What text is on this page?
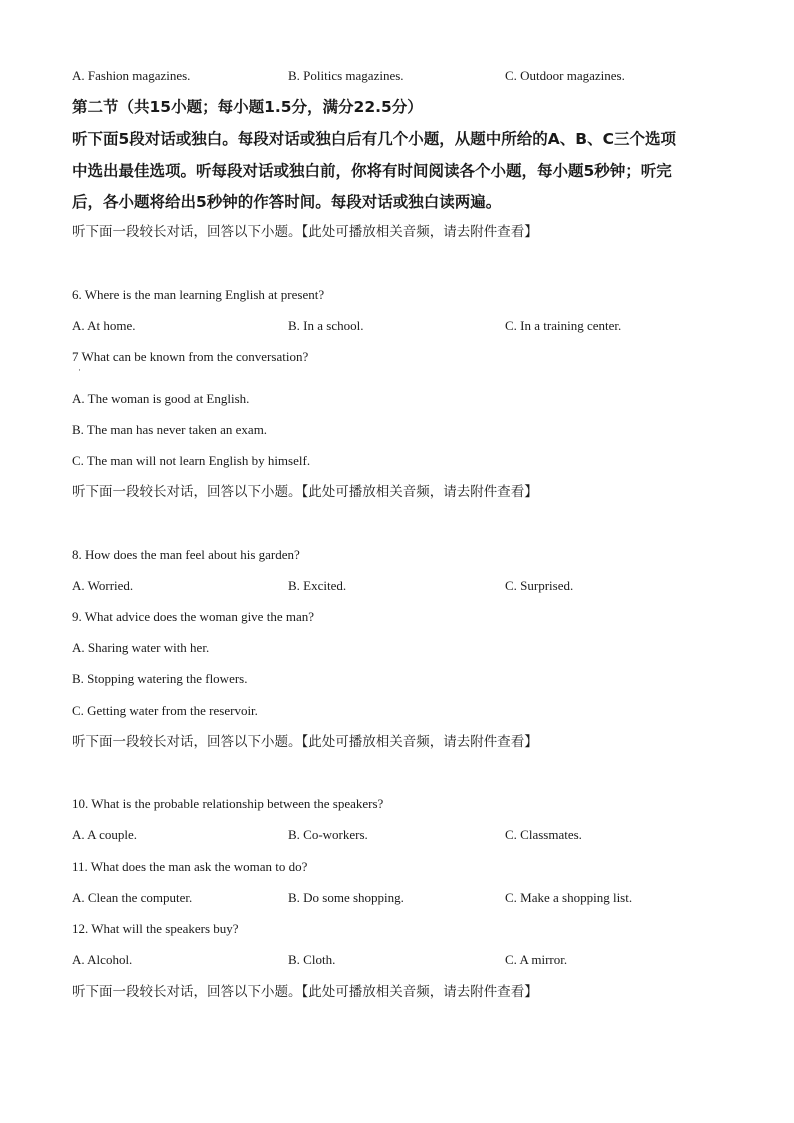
A. Fashion magazines.	B. Politics magazines.	C. Outdoor magazines.
第二节（共15小题；每小题1.5分，满分22.5分）
听下面5段对话或独白。每段对话或独白后有几个小题，从题中所给的A、B、C三个选项
中选出最佳选项。听每段对话或独白前，你将有时间阅读各个小题，每小题5秒钟；听完
后，各小题将给出5秒钟的作答时间。每段对话或独白读两遍。
听下面一段较长对话，回答以下小题。【此处可播放相关音频，请去附件查看】
6. Where is the man learning English at present?
A. At home.	B. In a school.	C. In a training center.
7 What can be known from the conversation?
·
A. The woman is good at English.
B. The man has never taken an exam.
C. The man will not learn English by himself.
听下面一段较长对话，回答以下小题。【此处可播放相关音频，请去附件查看】
8. How does the man feel about his garden?
A. Worried.	B. Excited.	C. Surprised.
9. What advice does the woman give the man?
A. Sharing water with her.
B. Stopping watering the flowers.
C. Getting water from the reservoir.
听下面一段较长对话，回答以下小题。【此处可播放相关音频，请去附件查看】
10. What is the probable relationship between the speakers?
A. A couple.	B. Co-workers.	C. Classmates.
11. What does the man ask the woman to do?
A. Clean the computer.	B. Do some shopping.	C. Make a shopping list.
12. What will the speakers buy?
A. Alcohol.	B. Cloth.	C. A mirror.
听下面一段较长对话，回答以下小题。【此处可播放相关音频，请去附件查看】
